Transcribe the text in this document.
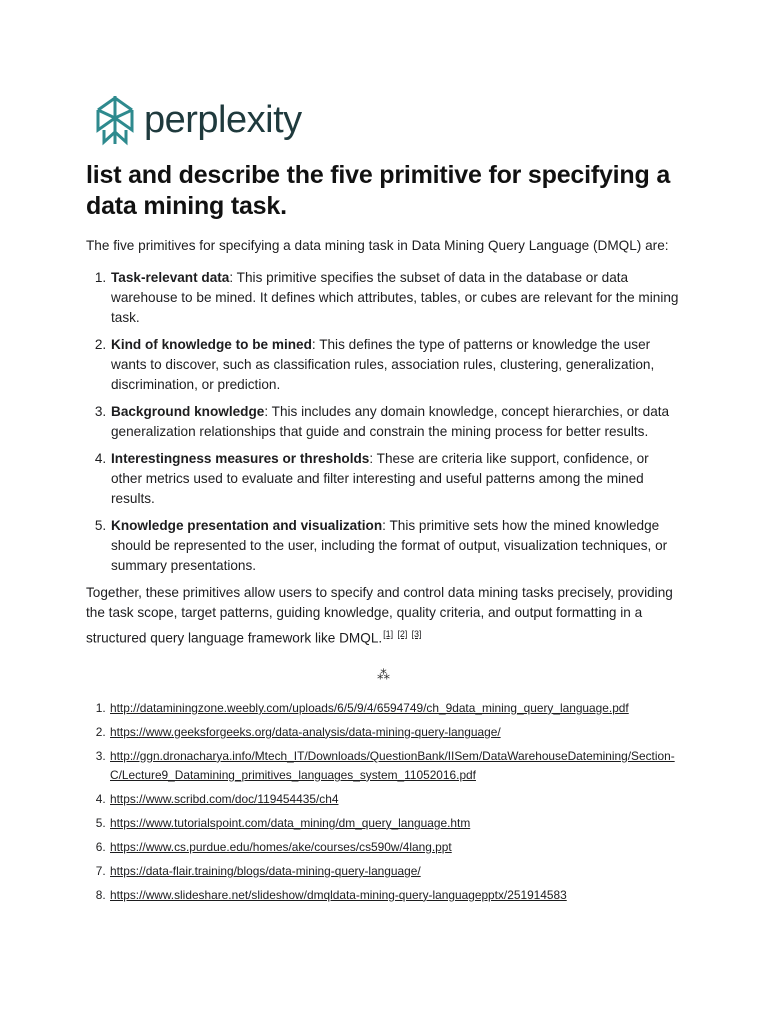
perplexity
list and describe the five primitive for specifying a data mining task.

The five primitives for specifying a data mining task in Data Mining Query Language (DMQL) are:

1. Task-relevant data: This primitive specifies the subset of data in the database or data warehouse to be mined. It defines which attributes, tables, or cubes are relevant for the mining task.
2. Kind of knowledge to be mined: This defines the type of patterns or knowledge the user wants to discover, such as classification rules, association rules, clustering, generalization, discrimination, or prediction.
3. Background knowledge: This includes any domain knowledge, concept hierarchies, or data generalization relationships that guide and constrain the mining process for better results.
4. Interestingness measures or thresholds: These are criteria like support, confidence, or other metrics used to evaluate and filter interesting and useful patterns among the mined results.
5. Knowledge presentation and visualization: This primitive sets how the mined knowledge should be represented to the user, including the format of output, visualization techniques, or summary presentations.

Together, these primitives allow users to specify and control data mining tasks precisely, providing the task scope, target patterns, guiding knowledge, quality criteria, and output formatting in a structured query language framework like DMQL.[1] [2] [3]

⁂
1. http://dataminingzone.weebly.com/uploads/6/5/9/4/6594749/ch_9data_mining_query_language.pdf
2. https://www.geeksforgeeks.org/data-analysis/data-mining-query-language/
3. http://ggn.dronacharya.info/Mtech_IT/Downloads/QuestionBank/IISem/DataWarehouseDatemining/Section-C/Lecture9_Datamining_primitives_languages_system_11052016.pdf
4. https://www.scribd.com/doc/119454435/ch4
5. https://www.tutorialspoint.com/data_mining/dm_query_language.htm
6. https://www.cs.purdue.edu/homes/ake/courses/cs590w/4lang.ppt
7. https://data-flair.training/blogs/data-mining-query-language/
8. https://www.slideshare.net/slideshow/dmqldata-mining-query-languagepptx/251914583
